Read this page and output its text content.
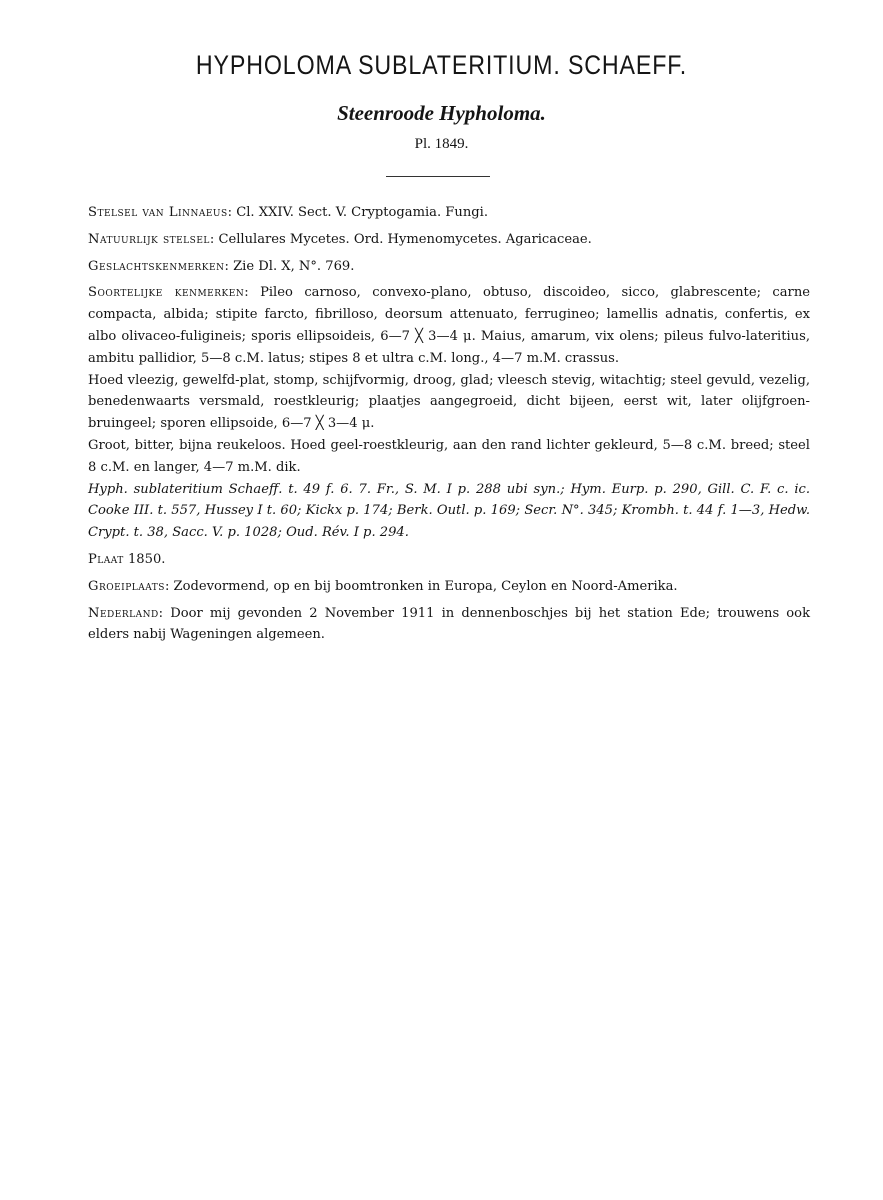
HYPHOLOMA SUBLATERITIUM. SCHAEFF.
Steenroode Hypholoma.
Pl. 1849.

Stelsel van Linnaeus: Cl. XXIV. Sect. V. Cryptogamia. Fungi.

Natuurlijk stelsel: Cellulares Mycetes. Ord. Hymenomycetes. Agaricaceae.

Geslachtskenmerken: Zie Dl. X, N°. 769.

Soortelijke kenmerken: Pileo carnoso, convexo-plano, obtuso, discoideo, sicco, glabrescente; carne compacta, albida; stipite farcto, fibrilloso, deorsum attenuato, ferrugineo; lamellis adnatis, confertis, ex albo olivaceo-fuligineis; sporis ellipsoideis, 6—7 ╳ 3—4 μ. Maius, amarum, vix olens; pileus fulvo-lateritius, ambitu pallidior, 5—8 c.M. latus; stipes 8 et ultra c.M. long., 4—7 m.M. crassus.

Hoed vleezig, gewelfd-plat, stomp, schijfvormig, droog, glad; vleesch stevig, witachtig; steel gevuld, vezelig, benedenwaarts versmald, roestkleurig; plaatjes aangegroeid, dicht bijeen, eerst wit, later olijfgroen-bruingeel; sporen ellipsoide, 6—7 ╳ 3—4 μ.

Groot, bitter, bijna reukeloos. Hoed geel-roestkleurig, aan den rand lichter gekleurd, 5—8 c.M. breed; steel 8 c.M. en langer, 4—7 m.M. dik.

Hyph. sublateritium Schaeff. t. 49 f. 6. 7. Fr., S. M. I p. 288 ubi syn.; Hym. Eurp. p. 290, Gill. C. F. c. ic. Cooke III. t. 557, Hussey I t. 60; Kickx p. 174; Berk. Outl. p. 169; Secr. N°. 345; Krombh. t. 44 f. 1—3, Hedw. Crypt. t. 38, Sacc. V. p. 1028; Oud. Rév. I p. 294.

Plaat 1850.

Groeiplaats: Zodevormend, op en bij boomtronken in Europa, Ceylon en Noord-Amerika.

Nederland: Door mij gevonden 2 November 1911 in dennenboschjes bij het station Ede; trouwens ook elders nabij Wageningen algemeen.
